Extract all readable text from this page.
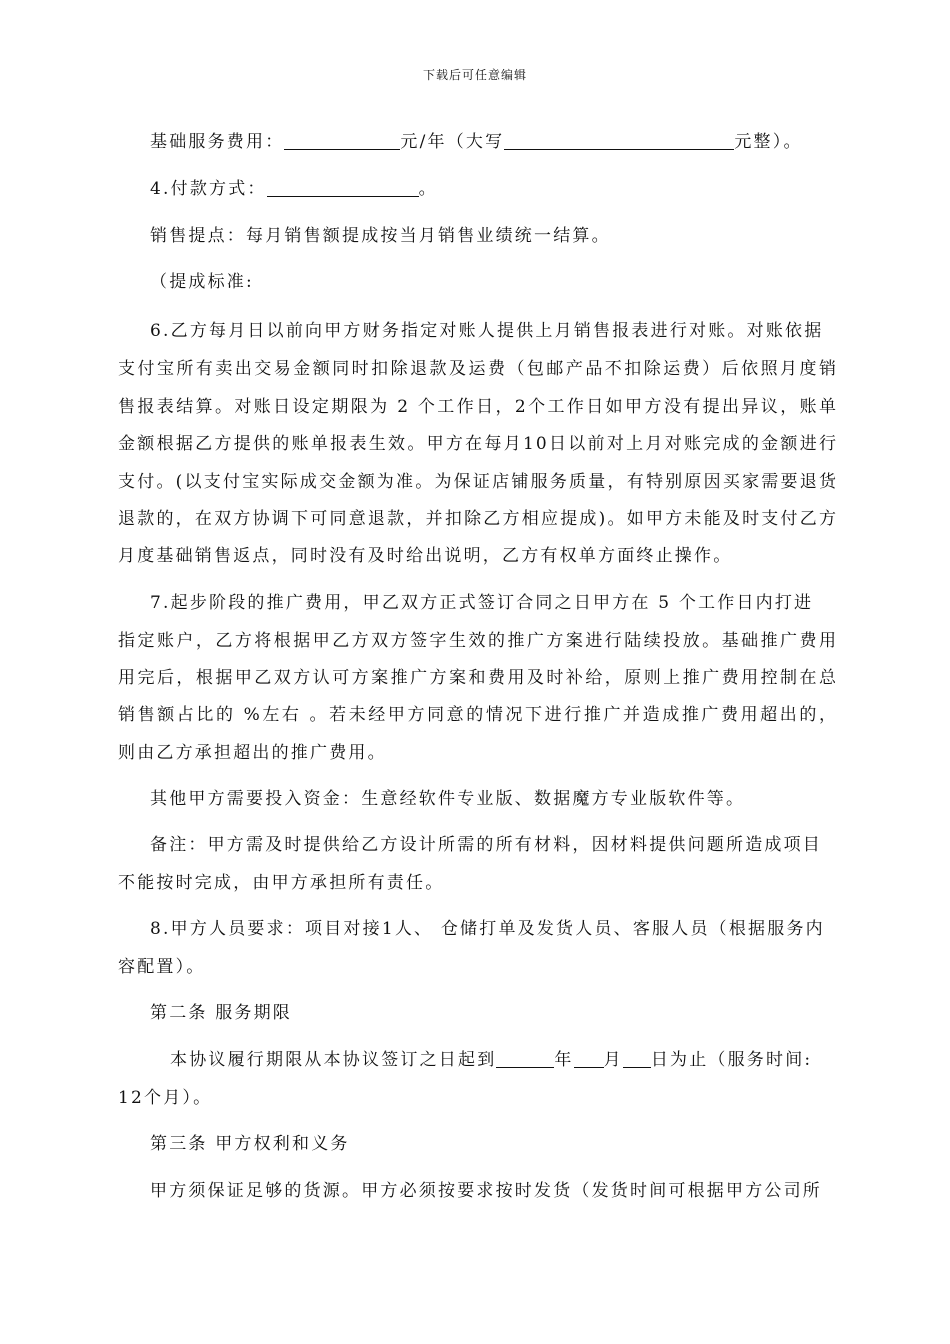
下载后可任意编辑
基础服务费用：	元/年（大写	元整）。
4.付款方式：	。
销售提点：每月销售额提成按当月销售业绩统一结算。
（提成标准:
6.乙方每月日以前向甲方财务指定对账人提供上月销售报表进行对账。对账依据
支付宝所有卖出交易金额同时扣除退款及运费（包邮产品不扣除运费）后依照月度销
售报表结算。对账日设定期限为 2 个工作日，2个工作日如甲方没有提出异议，账单
金额根据乙方提供的账单报表生效。甲方在每月10日以前对上月对账完成的金额进行
支付。(以支付宝实际成交金额为准。为保证店铺服务质量，有特别原因买家需要退货
退款的，在双方协调下可同意退款，并扣除乙方相应提成)。如甲方未能及时支付乙方
月度基础销售返点，同时没有及时给出说明，乙方有权单方面终止操作。
7.起步阶段的推广费用，甲乙双方正式签订合同之日甲方在 5 个工作日内打进
指定账户，乙方将根据甲乙方双方签字生效的推广方案进行陆续投放。基础推广费用
用完后，根据甲乙双方认可方案推广方案和费用及时补给，原则上推广费用控制在总
销售额占比的 %左右 。若未经甲方同意的情况下进行推广并造成推广费用超出的，
则由乙方承担超出的推广费用。
其他甲方需要投入资金：生意经软件专业版、数据魔方专业版软件等。
备注：甲方需及时提供给乙方设计所需的所有材料，因材料提供问题所造成项目
不能按时完成，由甲方承担所有责任。
8.甲方人员要求：项目对接1人、 仓储打单及发货人员、客服人员（根据服务内
容配置）。
第二条 服务期限
本协议履行期限从本协议签订之日起到	年 月 日为止（服务时间:
12个月）。
第三条 甲方权利和义务
甲方须保证足够的货源。甲方必须按要求按时发货（发货时间可根据甲方公司所
